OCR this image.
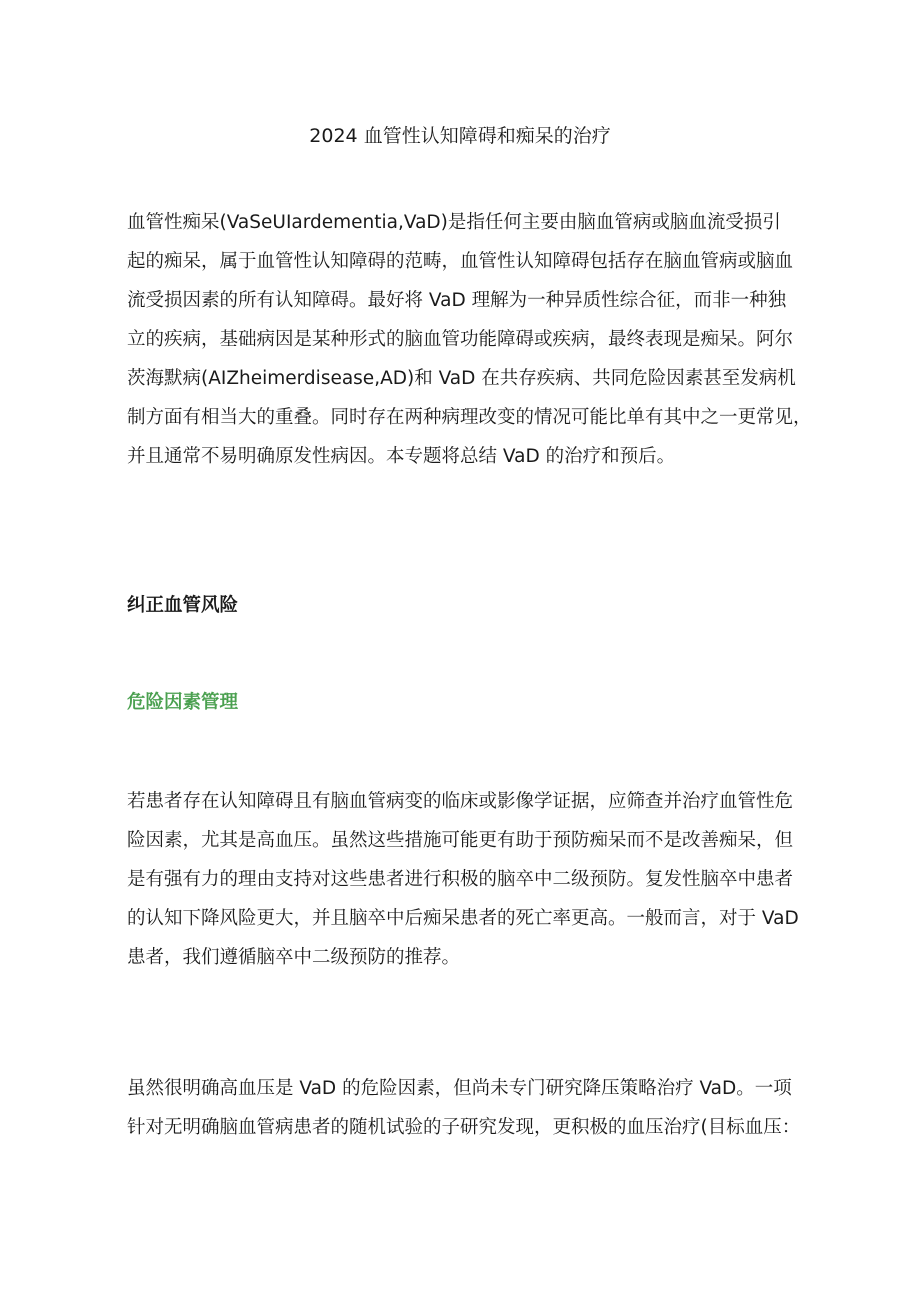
2024 血管性认知障碍和痴呆的治疗
血管性痴呆(VaSeUIardementia,VaD)是指任何主要由脑血管病或脑血流受损引
起的痴呆，属于血管性认知障碍的范畴，血管性认知障碍包括存在脑血管病或脑血
流受损因素的所有认知障碍。最好将 VaD 理解为一种异质性综合征，而非一种独
立的疾病，基础病因是某种形式的脑血管功能障碍或疾病，最终表现是痴呆。阿尔
茨海默病(AIZheimerdisease,AD)和 VaD 在共存疾病、共同危险因素甚至发病机
制方面有相当大的重叠。同时存在两种病理改变的情况可能比单有其中之一更常见，
并且通常不易明确原发性病因。本专题将总结 VaD 的治疗和预后。
纠正血管风险
危险因素管理
若患者存在认知障碍且有脑血管病变的临床或影像学证据，应筛查并治疗血管性危
险因素，尤其是高血压。虽然这些措施可能更有助于预防痴呆而不是改善痴呆，但
是有强有力的理由支持对这些患者进行积极的脑卒中二级预防。复发性脑卒中患者
的认知下降风险更大，并且脑卒中后痴呆患者的死亡率更高。一般而言，对于 VaD
患者，我们遵循脑卒中二级预防的推荐。
虽然很明确高血压是 VaD 的危险因素，但尚未专门研究降压策略治疗 VaD。一项
针对无明确脑血管病患者的随机试验的子研究发现，更积极的血压治疗(目标血压：
